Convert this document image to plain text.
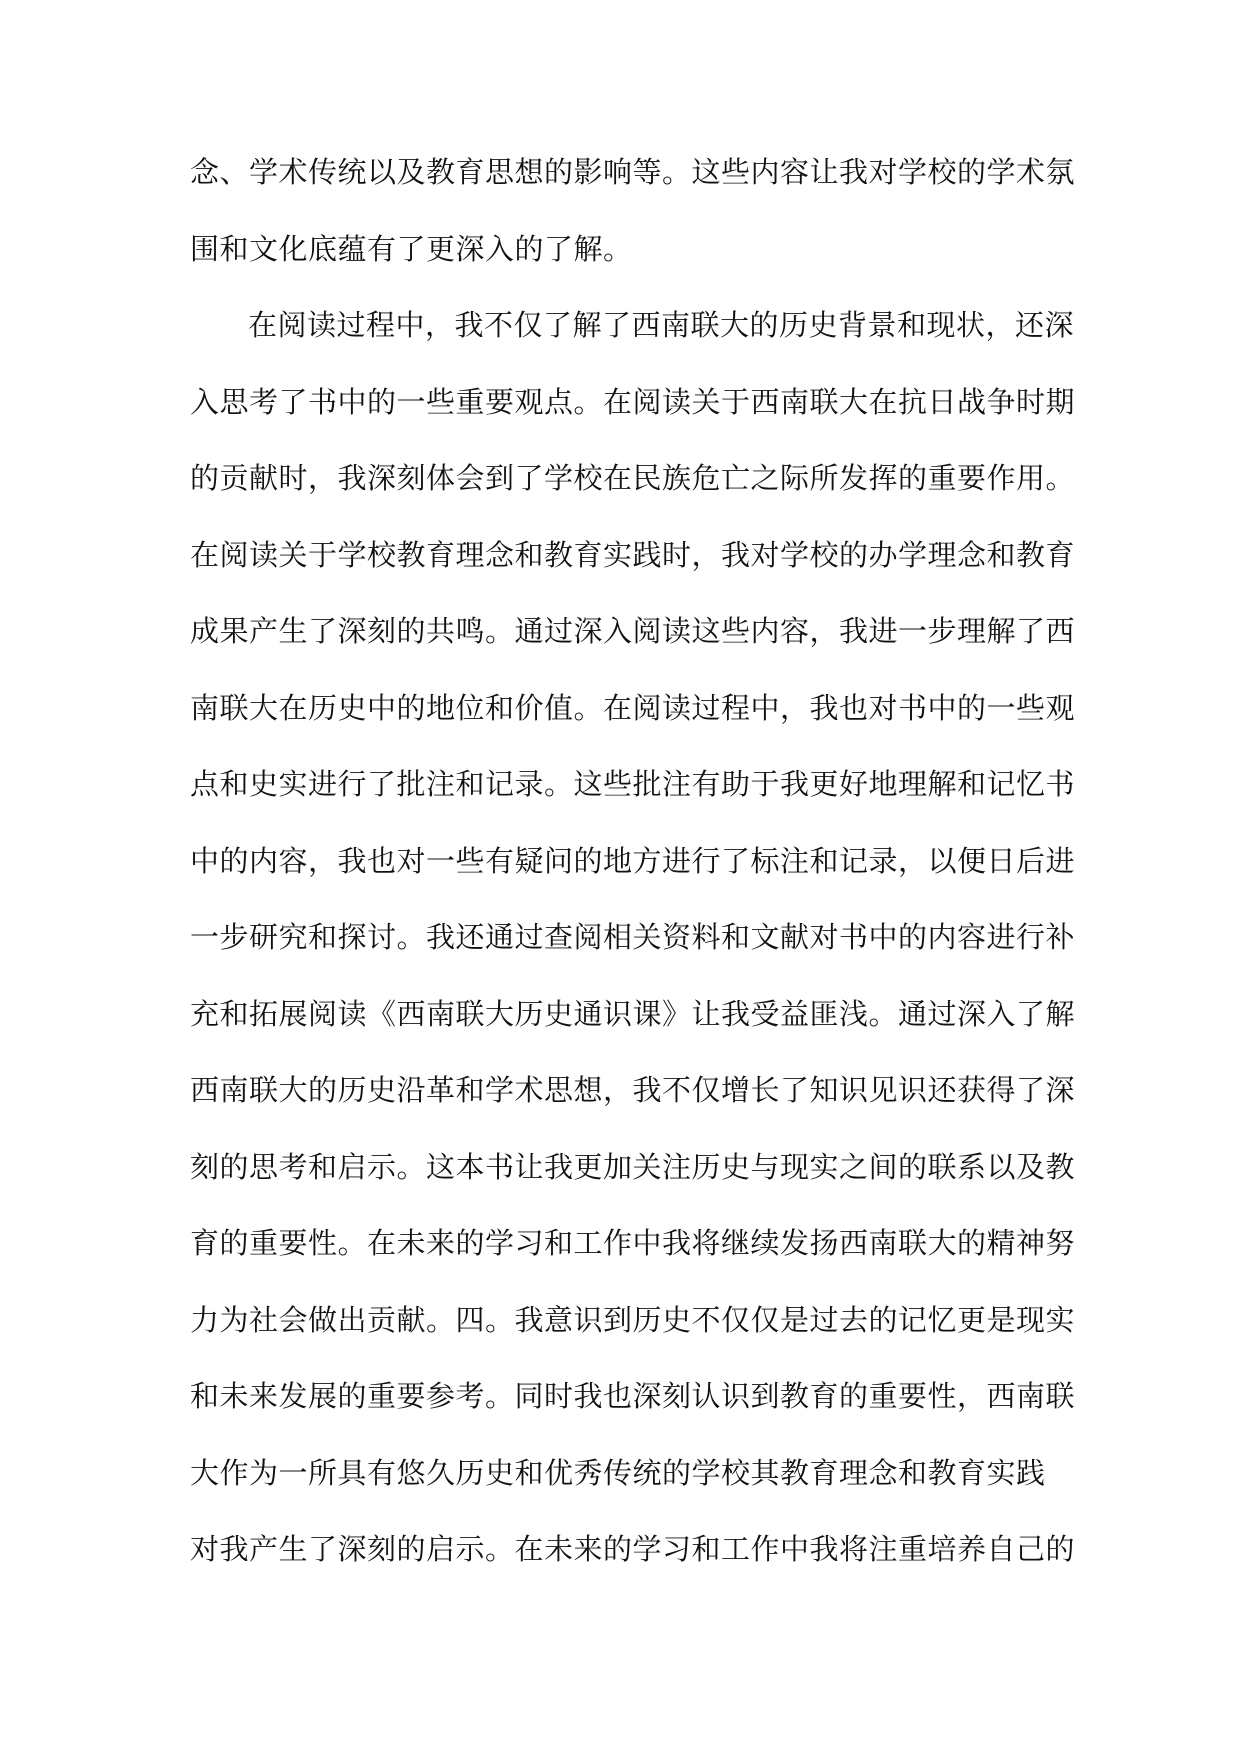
念、学术传统以及教育思想的影响等。这些内容让我对学校的学术氛
围和文化底蕴有了更深入的了解。
在阅读过程中，我不仅了解了西南联大的历史背景和现状，还深
入思考了书中的一些重要观点。在阅读关于西南联大在抗日战争时期
的贡献时，我深刻体会到了学校在民族危亡之际所发挥的重要作用。
在阅读关于学校教育理念和教育实践时，我对学校的办学理念和教育
成果产生了深刻的共鸣。通过深入阅读这些内容，我进一步理解了西
南联大在历史中的地位和价值。在阅读过程中，我也对书中的一些观
点和史实进行了批注和记录。这些批注有助于我更好地理解和记忆书
中的内容，我也对一些有疑问的地方进行了标注和记录，以便日后进
一步研究和探讨。我还通过查阅相关资料和文献对书中的内容进行补
充和拓展阅读《西南联大历史通识课》让我受益匪浅。通过深入了解
西南联大的历史沿革和学术思想，我不仅增长了知识见识还获得了深
刻的思考和启示。这本书让我更加关注历史与现实之间的联系以及教
育的重要性。在未来的学习和工作中我将继续发扬西南联大的精神努
力为社会做出贡献。四。我意识到历史不仅仅是过去的记忆更是现实
和未来发展的重要参考。同时我也深刻认识到教育的重要性，西南联
大作为一所具有悠久历史和优秀传统的学校其教育理念和教育实践
对我产生了深刻的启示。在未来的学习和工作中我将注重培养自己的
